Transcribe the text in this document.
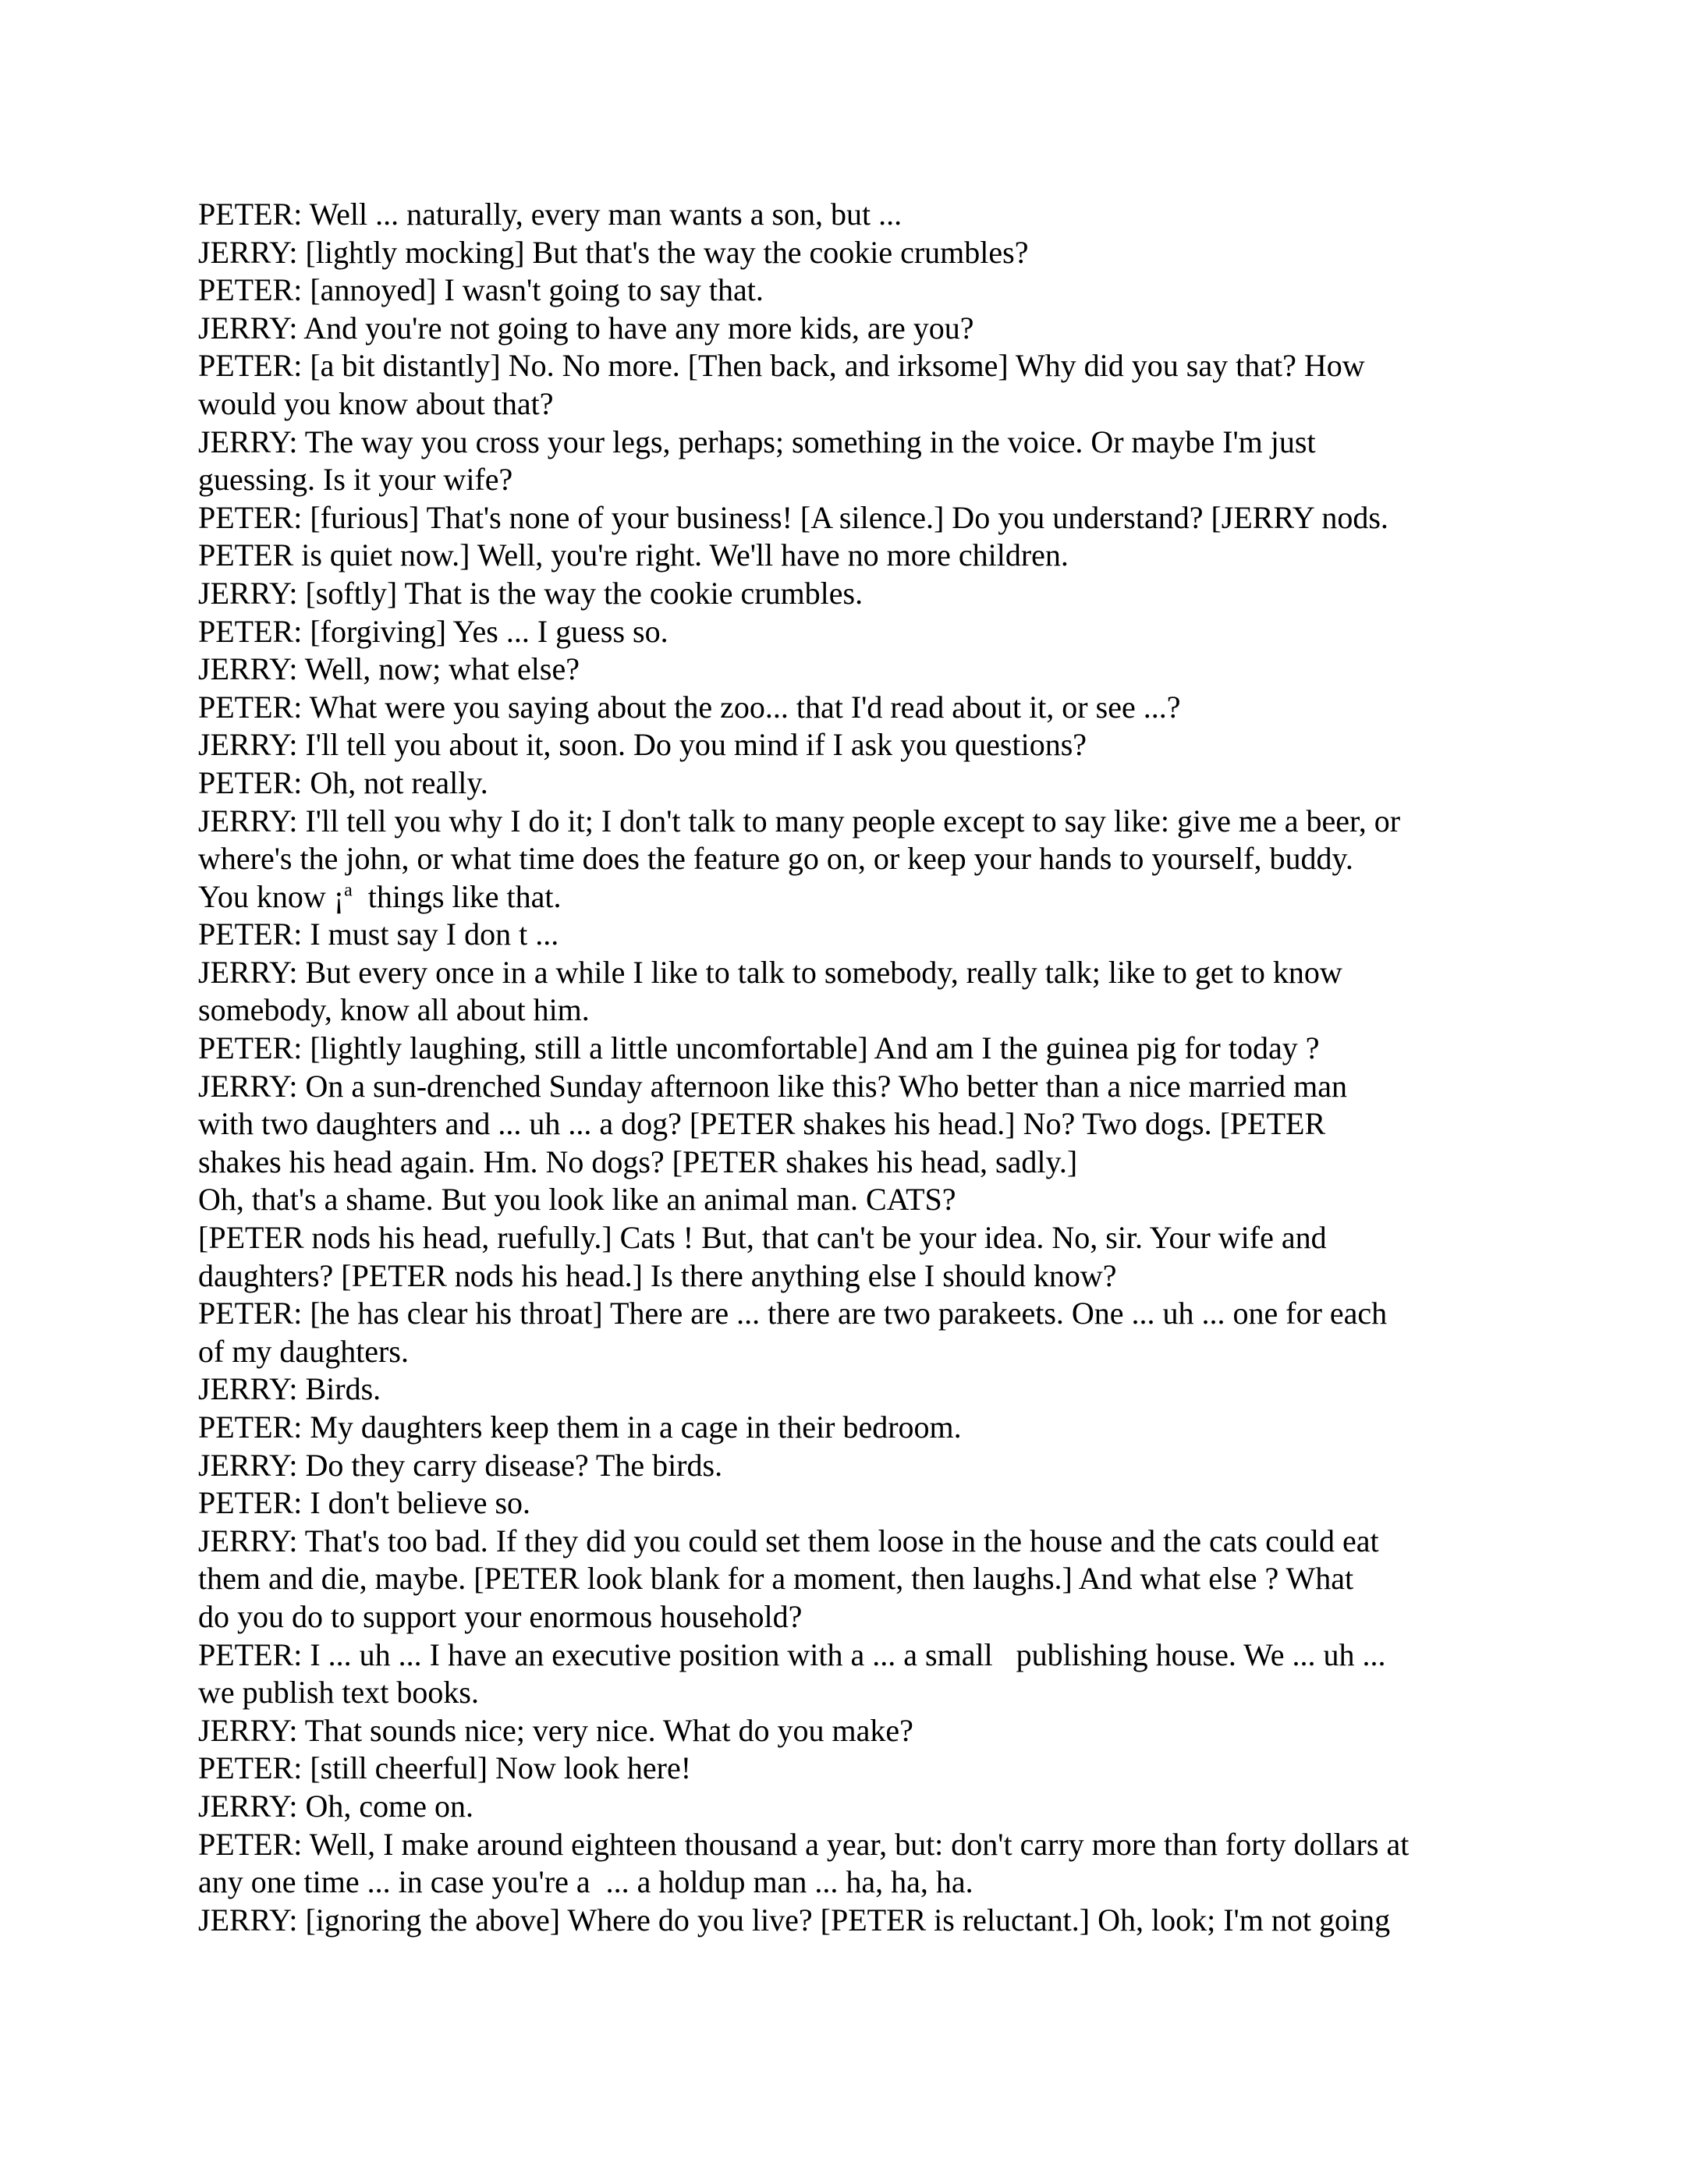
PETER: Well ... naturally, every man wants a son, but ...
JERRY: [lightly mocking] But that's the way the cookie crumbles?
PETER: [annoyed] I wasn't going to say that.
JERRY: And you're not going to have any more kids, are you?
PETER: [a bit distantly] No. No more. [Then back, and irksome] Why did you say that? How
would you know about that?
JERRY: The way you cross your legs, perhaps; something in the voice. Or maybe I'm just
guessing. Is it your wife?
PETER: [furious] That's none of your business! [A silence.] Do you understand? [JERRY nods.
PETER is quiet now.] Well, you're right. We'll have no more children.
JERRY: [softly] That is the way the cookie crumbles.
PETER: [forgiving] Yes ... I guess so.
JERRY: Well, now; what else?
PETER: What were you saying about the zoo... that I'd read about it, or see ...?
JERRY: I'll tell you about it, soon. Do you mind if I ask you questions?
PETER: Oh, not really.
JERRY: I'll tell you why I do it; I don't talk to many people except to say like: give me a beer, or
where's the john, or what time does the feature go on, or keep your hands to yourself, buddy.
You know ¡$^a$  things like that.
PETER: I must say I don t ...
JERRY: But every once in a while I like to talk to somebody, really talk; like to get to know
somebody, know all about him.
PETER: [lightly laughing, still a little uncomfortable] And am I the guinea pig for today ?
JERRY: On a sun-drenched Sunday afternoon like this? Who better than a nice married man
with two daughters and ... uh ... a dog? [PETER shakes his head.] No? Two dogs. [PETER
shakes his head again. Hm. No dogs? [PETER shakes his head, sadly.]
Oh, that's a shame. But you look like an animal man. CATS?
[PETER nods his head, ruefully.] Cats ! But, that can't be your idea. No, sir. Your wife and
daughters? [PETER nods his head.] Is there anything else I should know?
PETER: [he has clear his throat] There are ... there are two parakeets. One ... uh ... one for each
of my daughters.
JERRY: Birds.
PETER: My daughters keep them in a cage in their bedroom.
JERRY: Do they carry disease? The birds.
PETER: I don't believe so.
JERRY: That's too bad. If they did you could set them loose in the house and the cats could eat
them and die, maybe. [PETER look blank for a moment, then laughs.] And what else ? What
do you do to support your enormous household?
PETER: I ... uh ... I have an executive position with a ... a small   publishing house. We ... uh ...
we publish text books.
JERRY: That sounds nice; very nice. What do you make?
PETER: [still cheerful] Now look here!
JERRY: Oh, come on.
PETER: Well, I make around eighteen thousand a year, but: don't carry more than forty dollars at
any one time ... in case you're a  ... a holdup man ... ha, ha, ha.
JERRY: [ignoring the above] Where do you live? [PETER is reluctant.] Oh, look; I'm not going
